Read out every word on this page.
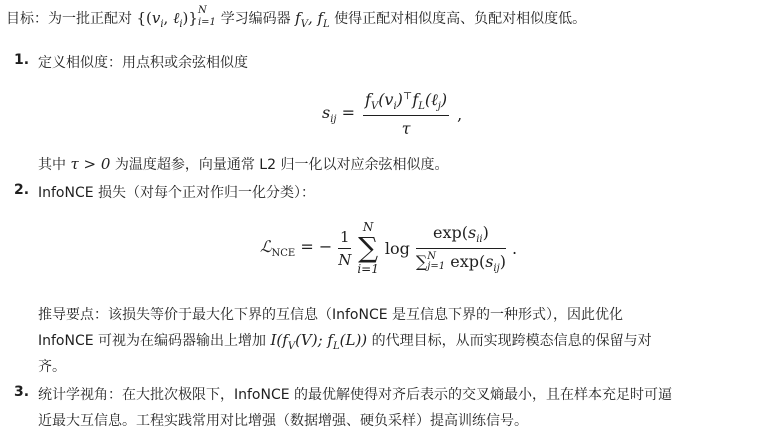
目标：为一批正配对 {($v_i$, ℓ$_i$)} N
i=1 学习编码器 $f_V$, $f_L$ 使得正配对相似度高、负配对相似度低。
1. 定义相似度：用点积或余弦相似度
$s_{ij} = \frac{f_V(v_i)^⊤f_L(\ell_j)}{\tau}$ ,
其中 τ > 0 为温度超参，向量通常 L2 归一化以对应余弦相似度。
2. InfoNCE 损失（对每个正对作归一化分类）：
ℒ$_{NCE}$ = − $\frac{1}{N}$
N
∑
i=1
$\log \exp(s_{ii})$
∑ N
j=1 $\exp(s_{ij})$ .
推导要点：该损失等价于最大化下界的互信息（InfoNCE 是互信息下界的一种形式），因此优化
InfoNCE 可视为在编码器输出上增加 $I(f_V(V)$; $f_L(L)$) 的代理目标，从而实现跨模态信息的保留与对
齐。
3. 统计学视角：在大批次极限下，InfoNCE 的最优解使得对齐后表示的交叉熵最小，且在样本充足时可逼
近最大互信息。工程实践常用对比增强（数据增强、硬负采样）提高训练信号。
